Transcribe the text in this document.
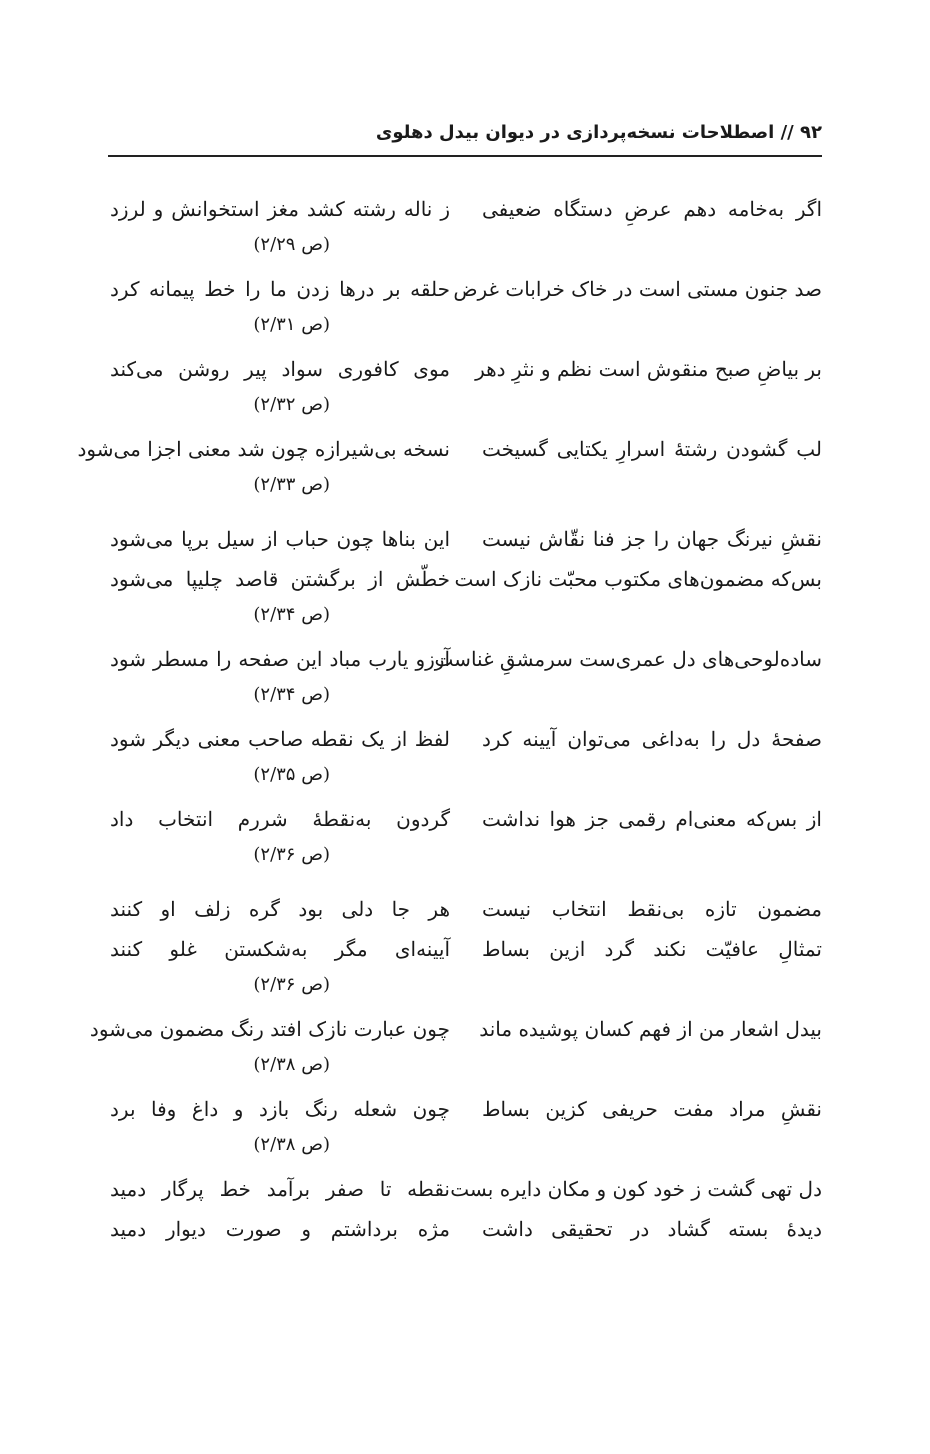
۹۲ // اصطلاحات نسخه‌پردازی در دیوان بیدل دهلوی
اگر به‌خامه دهم عرضِ دستگاه ضعیفی
ز ناله رشته کشد مغز استخوانش و لرزد
(ص ۲/۲۹)
صد جنون مستی است در خاک خرابات غرض
حلقه بر درها زدن ما را خط پیمانه کرد
(ص ۲/۳۱)
بر بیاضِ صبح منقوش است نظم و نثرِ دهر
موی کافوری سواد پیر روشن می‌کند
(ص ۲/۳۲)
لب گشودن رشتهٔ اسرارِ یکتایی گسیخت
نسخه بی‌شیرازه چون شد معنی اجزا می‌شود
(ص ۲/۳۳)
نقشِ نیرنگ جهان را جز فنا نقّاش نیست
این بناها چون حباب از سیل برپا می‌شود
بس‌که مضمون‌های مکتوب محبّت نازک است
خطّش از برگشتن قاصد چلیپا می‌شود
(ص ۲/۳۴)
ساده‌لوحی‌های دل عمری‌ست سرمشقِ غناست
آرزو یارب مباد این صفحه را مسطر شود
(ص ۲/۳۴)
صفحهٔ دل را به‌داغی می‌توان آیینه کرد
لفظ از یک نقطه صاحب معنی دیگر شود
(ص ۲/۳۵)
از بس‌که معنی‌ام رقمی جز هوا نداشت
گردون به‌نقطهٔ شررم انتخاب داد
(ص ۲/۳۶)
مضمون تازه بی‌نقط انتخاب نیست
هر جا دلی بود گره زلف او کنند
تمثالِ عافیّت نکند گرد ازین بساط
آیینه‌ای مگر به‌شکستن غلو کنند
(ص ۲/۳۶)
بیدل اشعار من از فهم کسان پوشیده ماند
چون عبارت نازک افتد رنگ مضمون می‌شود
(ص ۲/۳۸)
نقشِ مراد مفت حریفی کزین بساط
چون شعله رنگ بازد و داغ وفا برد
(ص ۲/۳۸)
دل تهی گشت ز خود کون و مکان دایره بست
نقطه تا صفر برآمد خط پرگار دمید
دیدهٔ بسته گشاد در تحقیقی داشت
مژه برداشتم و صورت دیوار دمید
